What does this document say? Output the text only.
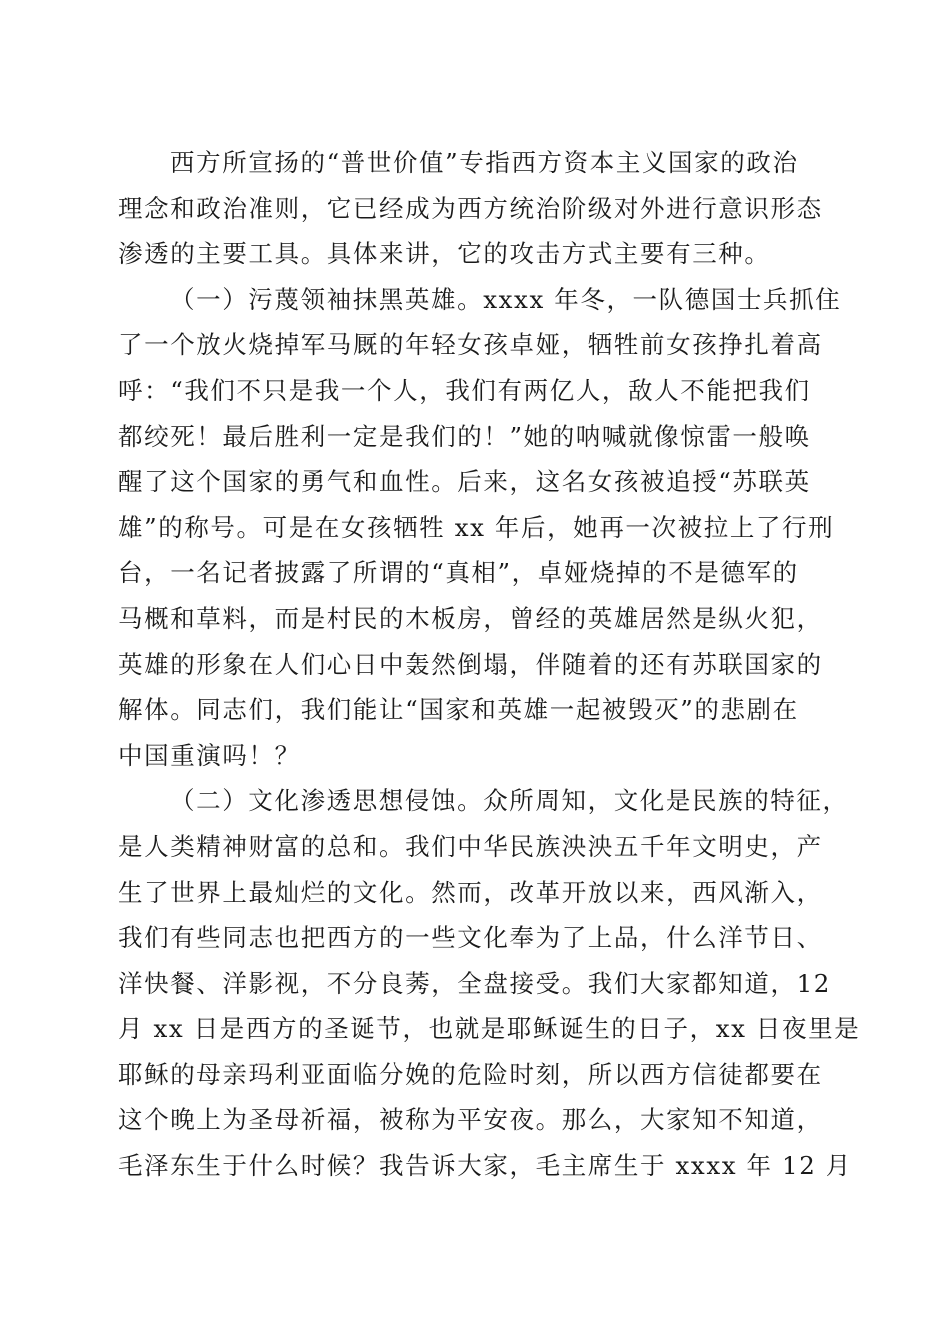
西方所宣扬的“普世价值”专指西方资本主义国家的政治
理念和政治准则，它已经成为西方统治阶级对外进行意识形态
渗透的主要工具。具体来讲，它的攻击方式主要有三种。
（一）污蔑领袖抹黑英雄。xxxx 年冬，一队德国士兵抓住
了一个放火烧掉军马厩的年轻女孩卓娅，牺牲前女孩挣扎着高
呼：“我们不只是我一个人，我们有两亿人，敌人不能把我们
都绞死！最后胜利一定是我们的！”她的呐喊就像惊雷一般唤
醒了这个国家的勇气和血性。后来，这名女孩被追授“苏联英
雄”的称号。可是在女孩牺牲 xx 年后，她再一次被拉上了行刑
台，一名记者披露了所谓的“真相”，卓娅烧掉的不是德军的
马概和草料，而是村民的木板房，曾经的英雄居然是纵火犯，
英雄的形象在人们心日中轰然倒塌，伴随着的还有苏联国家的
解体。同志们，我们能让“国家和英雄一起被毁灭”的悲剧在
中国重演吗！？
（二）文化渗透思想侵蚀。众所周知，文化是民族的特征，
是人类精神财富的总和。我们中华民族泱泱五千年文明史，产
生了世界上最灿烂的文化。然而，改革开放以来，西风渐入，
我们有些同志也把西方的一些文化奉为了上品，什么洋节日、
洋快餐、洋影视，不分良莠，全盘接受。我们大家都知道，12
月 xx 日是西方的圣诞节，也就是耶稣诞生的日子，xx 日夜里是
耶稣的母亲玛利亚面临分娩的危险时刻，所以西方信徒都要在
这个晚上为圣母祈福，被称为平安夜。那么，大家知不知道，
毛泽东生于什么时候？我告诉大家，毛主席生于 xxxx 年 12 月
